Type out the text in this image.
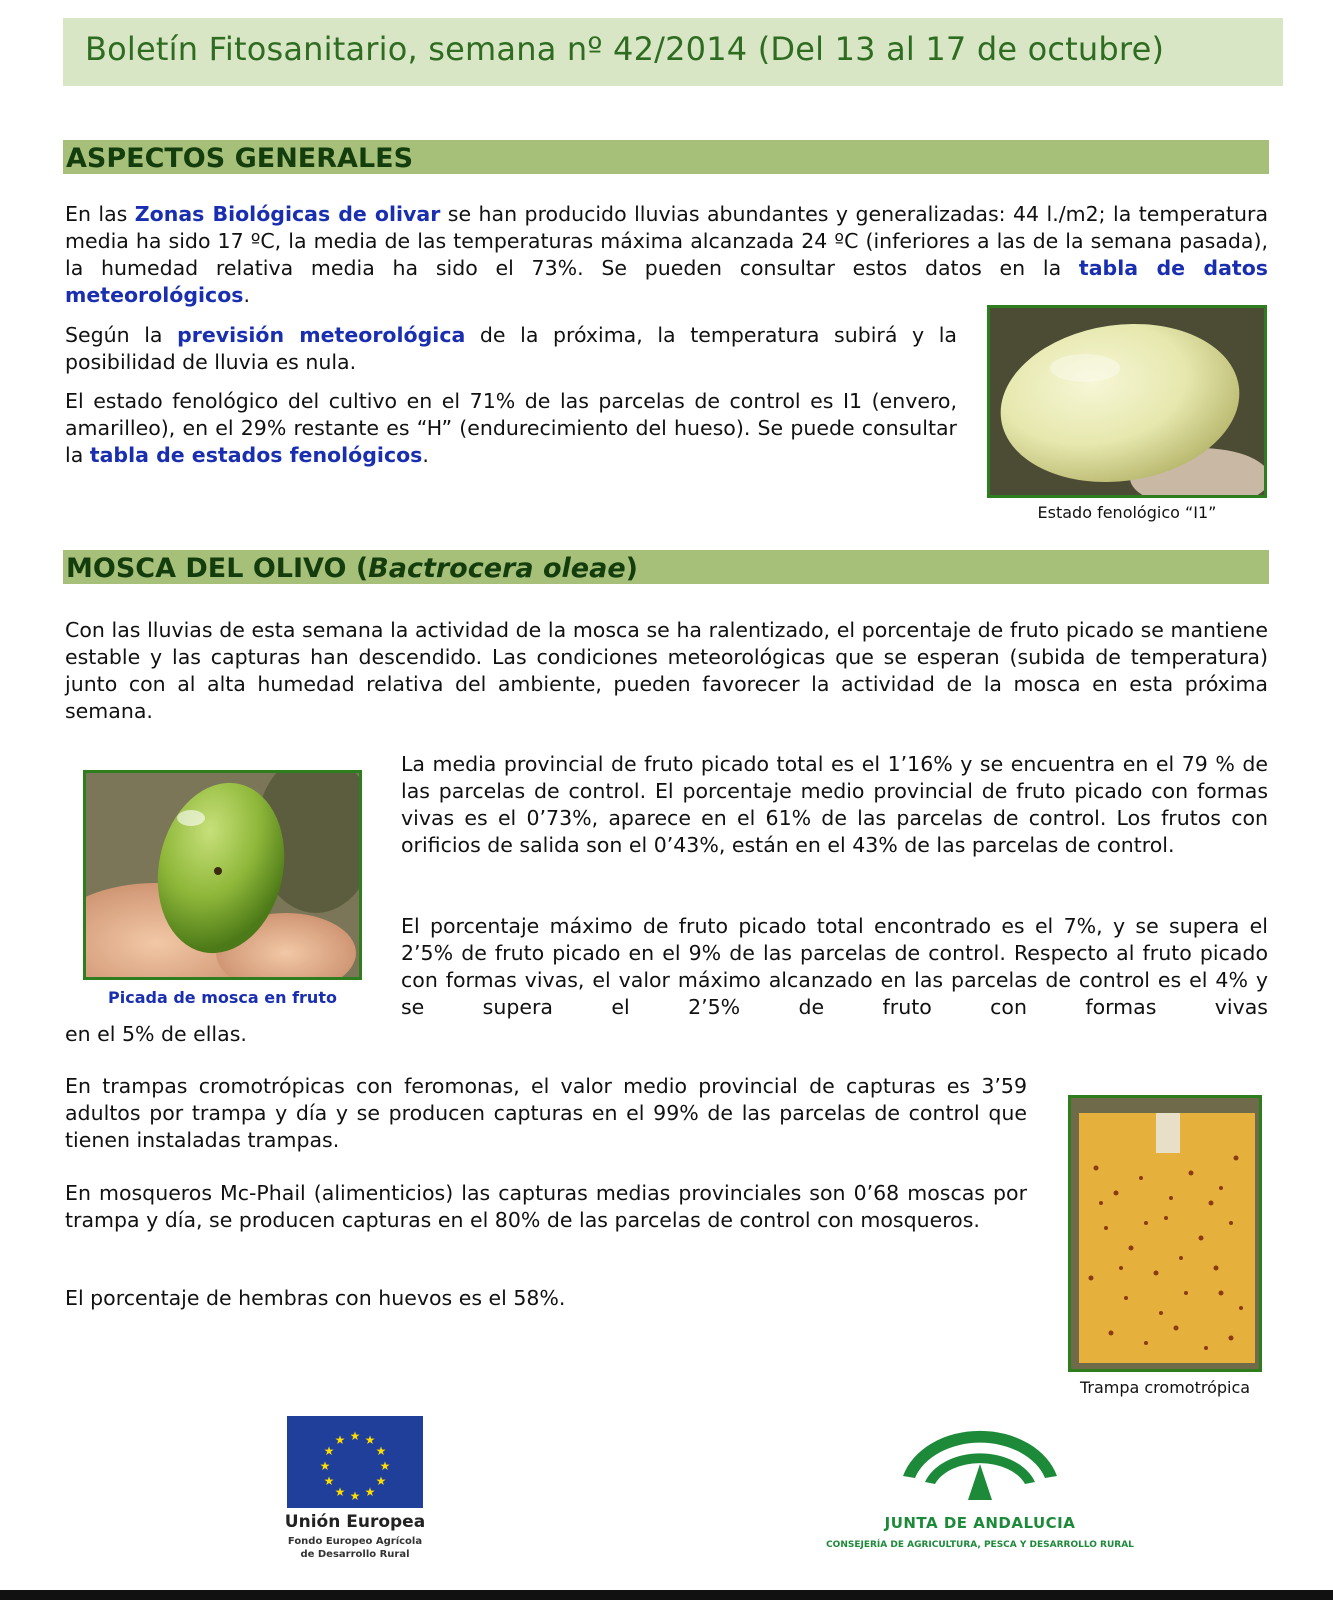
Boletín Fitosanitario, semana nº 42/2014 (Del 13 al 17 de octubre)
ASPECTOS GENERALES

En las Zonas Biológicas de olivar se han producido lluvias abundantes y generalizadas: 44 l./m2; la temperatura media ha sido 17 ºC, la media de las temperaturas máxima alcanzada 24 ºC (inferiores a las de la semana pasada), la humedad relativa media ha sido el 73%. Se pueden consultar estos datos en la tabla de datos meteorológicos.

Según la previsión meteorológica de la próxima, la temperatura subirá y la posibilidad de lluvia es nula.

El estado fenológico del cultivo en el 71% de las parcelas de control es I1 (envero, amarilleo), en el 29% restante es “H” (endurecimiento del hueso). Se puede consultar la tabla de estados fenológicos.

Estado fenológico “I1”
MOSCA DEL OLIVO (Bactrocera oleae)

Con las lluvias de esta semana la actividad de la mosca se ha ralentizado, el porcentaje de fruto picado se mantiene estable y las capturas han descendido. Las condiciones meteorológicas que se esperan (subida de temperatura) junto con al alta humedad relativa del ambiente, pueden favorecer la actividad de la mosca en esta próxima semana.

Picada de mosca en fruto

La media provincial de fruto picado total es el 1’16% y se encuentra en el 79 % de las parcelas de control. El porcentaje medio provincial de fruto picado con formas vivas es el 0’73%, aparece en el 61% de las parcelas de control. Los frutos con orificios de salida son el 0’43%, están en el 43% de las parcelas de control.

El porcentaje máximo de fruto picado total encontrado es el 7%, y se supera el 2’5% de fruto picado en el 9% de las parcelas de control. Respecto al fruto picado con formas vivas, el valor máximo alcanzado en las parcelas de control es el 4% y se supera el 2’5% de fruto con formas vivas

en el 5% de ellas.

En trampas cromotrópicas con feromonas, el valor medio provincial de capturas es 3’59 adultos por trampa y día y se producen capturas en el 99% de las parcelas de control que tienen instaladas trampas.

En mosqueros Mc-Phail (alimenticios) las capturas medias provinciales son 0’68 moscas por trampa y día, se producen capturas en el 80% de las parcelas de control con mosqueros.

El porcentaje de hembras con huevos es el 58%.

Trampa cromotrópica
★ ★
★
★
★
★
★
★
★
★
★
★
Unión Europea
Fondo Europeo Agrícola
de Desarrollo Rural
JUNTA DE ANDALUCIA
CONSEJERÍA DE AGRICULTURA, PESCA Y DESARROLLO RURAL
